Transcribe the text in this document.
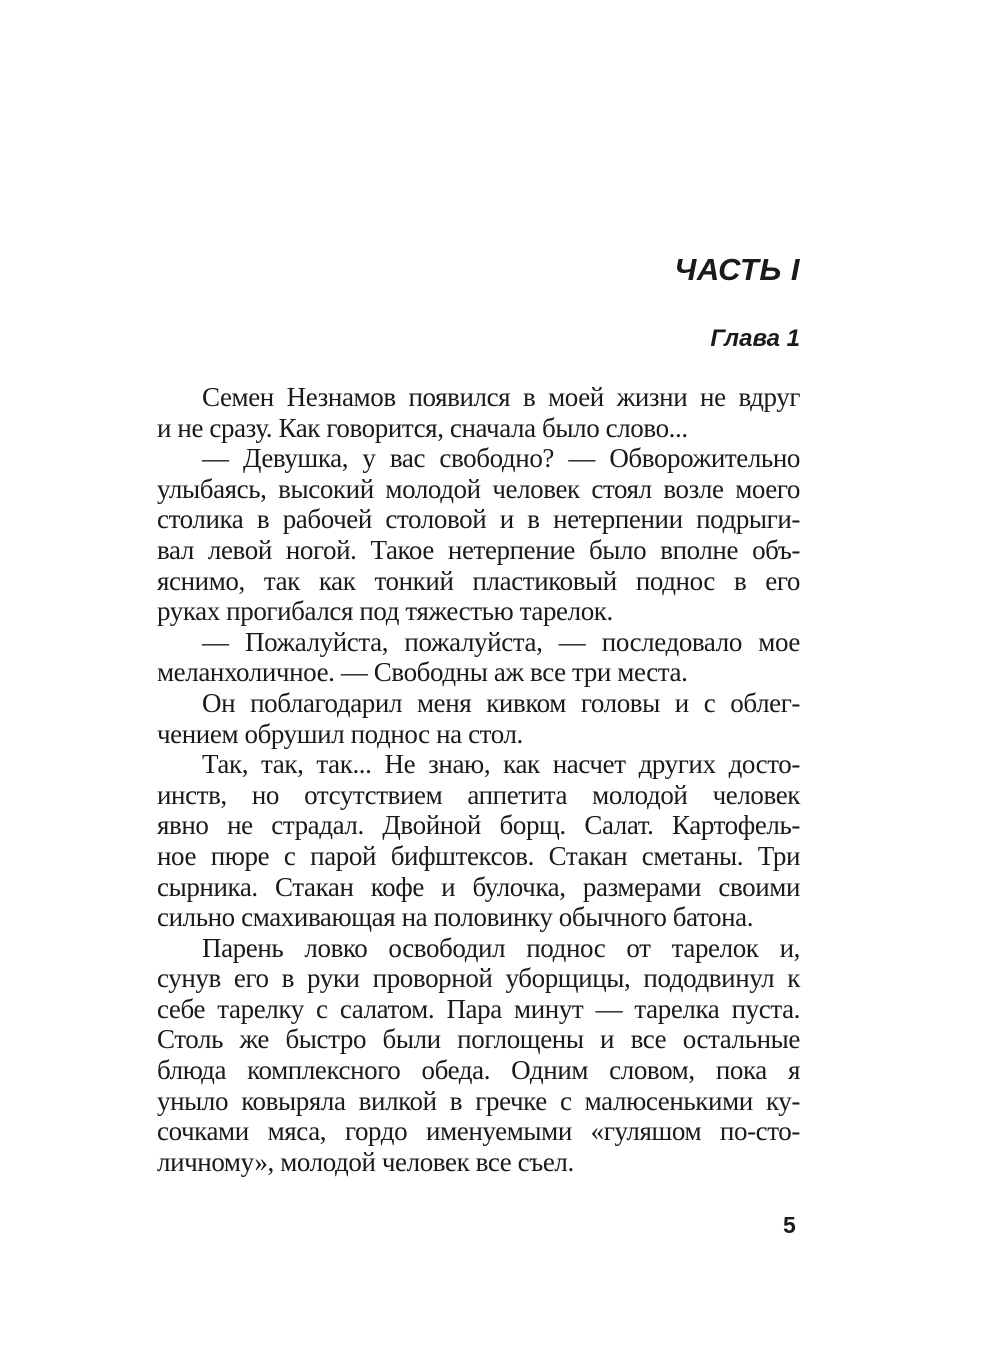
ЧАСТЬ I
Глава 1
Семен Незнамов появился в моей жизни не вдруг
и не сразу. Как говорится, сначала было слово...
— Девушка, у вас свободно? — Обворожительно
улыбаясь, высокий молодой человек стоял возле моего
столика в рабочей столовой и в нетерпении подрыги-
вал левой ногой. Такое нетерпение было вполне объ-
яснимо, так как тонкий пластиковый поднос в его
руках прогибался под тяжестью тарелок.
— Пожалуйста, пожалуйста, — последовало мое
меланхоличное. — Свободны аж все три места.
Он поблагодарил меня кивком головы и с облег-
чением обрушил поднос на стол.
Так, так, так... Не знаю, как насчет других досто-
инств, но отсутствием аппетита молодой человек
явно не страдал. Двойной борщ. Салат. Картофель-
ное пюре с парой бифштексов. Стакан сметаны. Три
сырника. Стакан кофе и булочка, размерами своими
сильно смахивающая на половинку обычного батона.
Парень ловко освободил поднос от тарелок и,
сунув его в руки проворной уборщицы, пододвинул к
себе тарелку с салатом. Пара минут — тарелка пуста.
Столь же быстро были поглощены и все остальные
блюда комплексного обеда. Одним словом, пока я
уныло ковыряла вилкой в гречке с малюсенькими ку-
сочками мяса, гордо именуемыми «гуляшом по-сто-
личному», молодой человек все съел.
5
